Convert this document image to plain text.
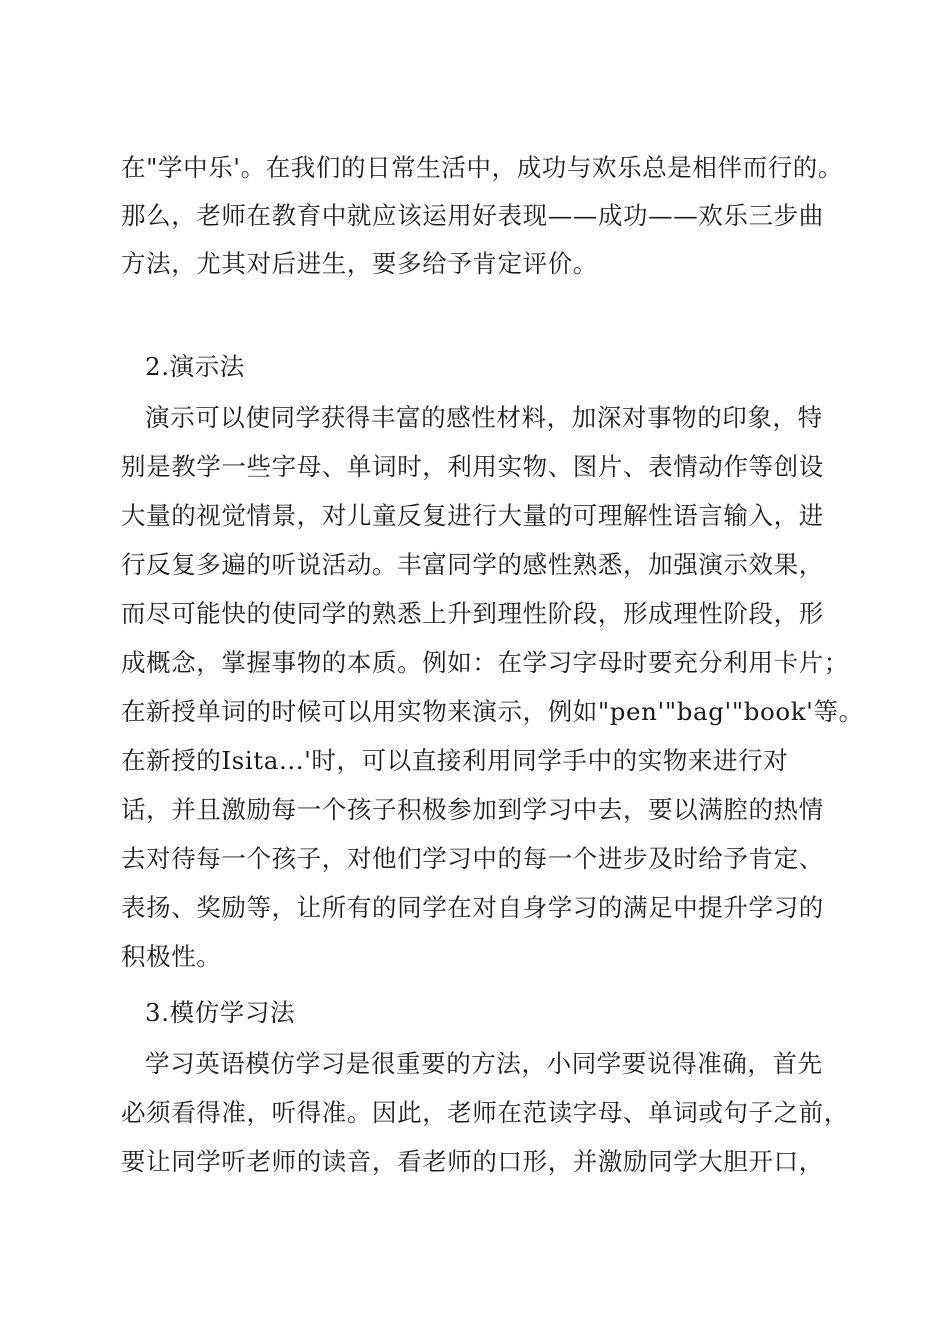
在"学中乐'。在我们的日常生活中，成功与欢乐总是相伴而行的。
那么，老师在教育中就应该运用好表现——成功——欢乐三步曲
方法，尤其对后进生，要多给予肯定评价。
2.演示法
演示可以使同学获得丰富的感性材料，加深对事物的印象，特
别是教学一些字母、单词时，利用实物、图片、表情动作等创设
大量的视觉情景，对儿童反复进行大量的可理解性语言输入，进
行反复多遍的听说活动。丰富同学的感性熟悉，加强演示效果，
而尽可能快的使同学的熟悉上升到理性阶段，形成理性阶段，形
成概念，掌握事物的本质。例如：在学习字母时要充分利用卡片；
在新授单词的时候可以用实物来演示，例如"pen'"bag'"book'等。
在新授的Isita...'时，可以直接利用同学手中的实物来进行对
话，并且激励每一个孩子积极参加到学习中去，要以满腔的热情
去对待每一个孩子，对他们学习中的每一个进步及时给予肯定、
表扬、奖励等，让所有的同学在对自身学习的满足中提升学习的
积极性。
3.模仿学习法
学习英语模仿学习是很重要的方法，小同学要说得准确，首先
必须看得准，听得准。因此，老师在范读字母、单词或句子之前，
要让同学听老师的读音，看老师的口形，并激励同学大胆开口，
